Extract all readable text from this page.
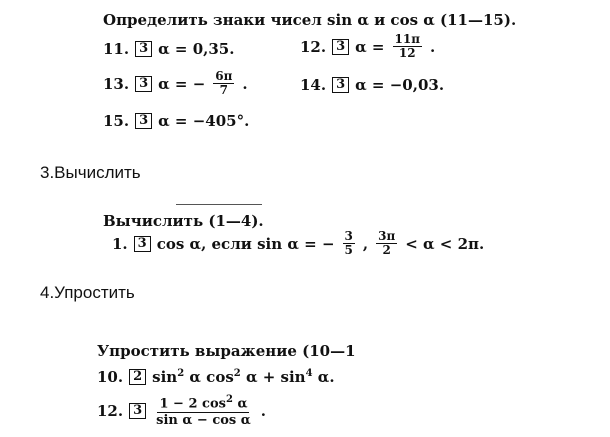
Определить знаки чисел sin α и cos α (11—15).
11. 3 α = 0,35.	12. 3 $\alpha = \frac{11\pi}{12}$ .
13. 3 α = − $\frac{6\pi}{7}$ .	14. 3 α = −0,03.
15. 3 α = −405°.
3.Вычислить
Вычислить (1—4).
1. 3 cos α, если sin α = − $\frac{3}{5}$ , $\frac{3\pi}{2} < \alpha < 2\pi$.
4.Упростить
Упростить выражение (10—1
10. 2 $\sin^2 \alpha$ $\cos^2 \alpha + \sin^4 \alpha$.
12. $3 \frac{1 - 2 \cos^2 \alpha}{\text{sin α − cos α}}$ .
